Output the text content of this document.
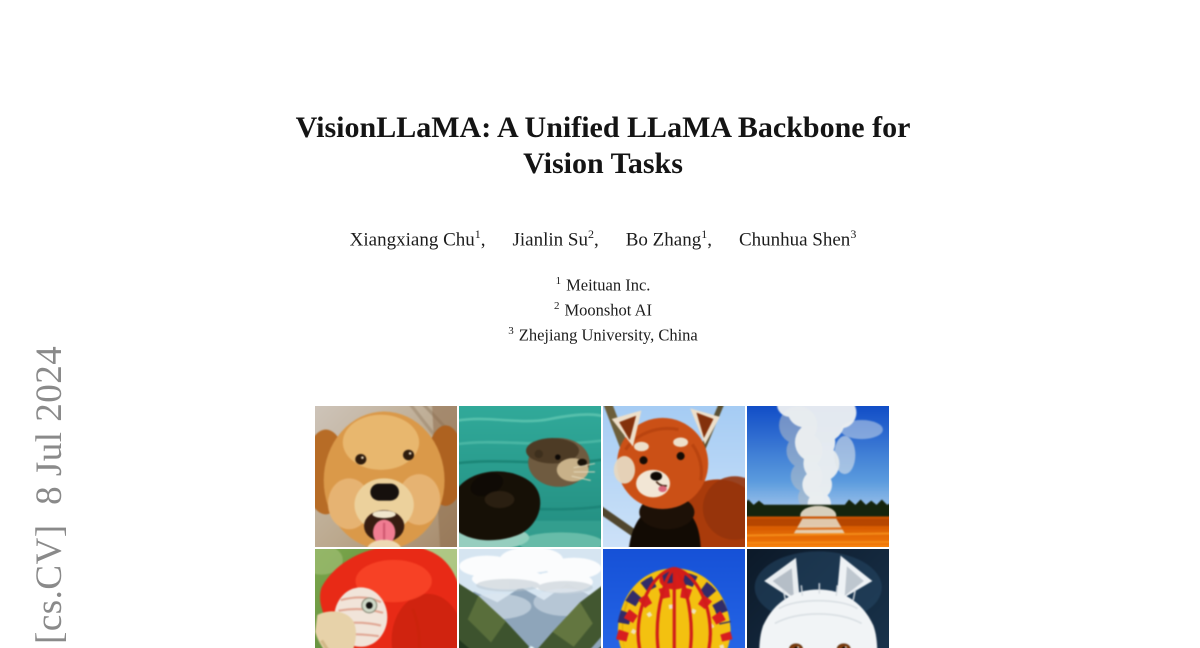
[cs.CV]  8 Jul 2024
VisionLLaMA: A Unified LLaMA Backbone for
Vision Tasks
Xiangxiang Chu$^1$, Jianlin Su$^2$, Bo Zhang$^1$, Chunhua Shen$^3$
$^1$ Meituan Inc.
$^2$ Moonshot AI
$^3$ Zhejiang University, China
